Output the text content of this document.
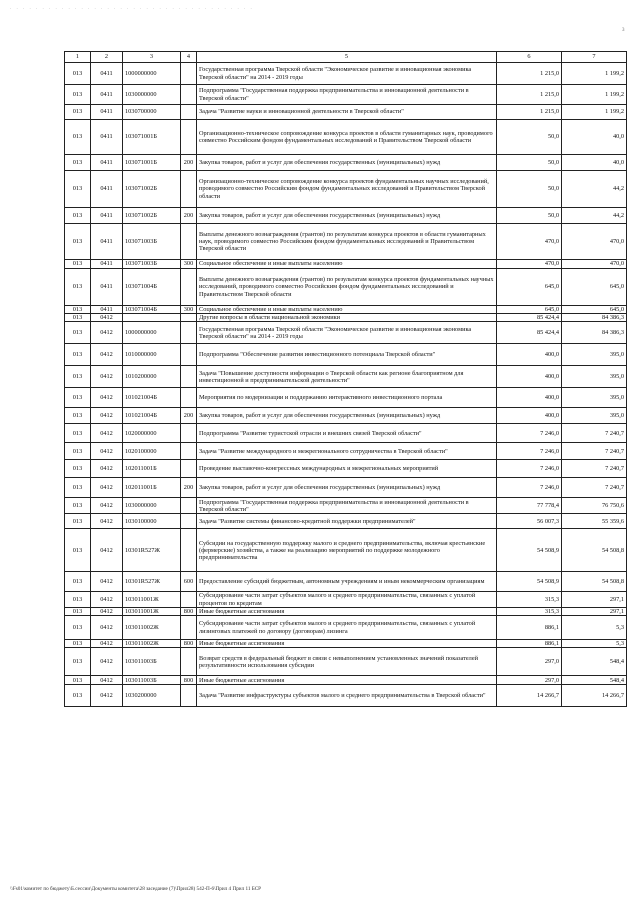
. . . . . . . . . . . . . . . . . . . . . . . . . . . . . . . . . . . . . .
3
1	2	3	4	5	6	7
013	0411	1000000000		Государственная программа Тверской области "Экономическое развитие и инновационная экономика Тверской области" на 2014 - 2019 годы	1 215,0	1 199,2
013	0411	1030000000		Подпрограмма "Государственная поддержка предпринимательства и инновационной деятельности в Тверской области"	1 215,0	1 199,2
013	0411	1030700000		Задача "Развитие науки и инновационной деятельности в Тверской области"	1 215,0	1 199,2
013	0411	103071001Б		Организационно-техническое сопровождение конкурса проектов в области гуманитарных наук, проводимого совместно Российским фондом фундаментальных исследований и Правительством Тверской области	50,0	40,0
013	0411	103071001Б	200	Закупка товаров, работ и услуг для обеспечения государственных (муниципальных) нужд	50,0	40,0
013	0411	103071002Б		Организационно-техническое сопровождение конкурса проектов фундаментальных научных исследований, проводимого совместно Российским фондом фундаментальных исследований и Правительством Тверской области	50,0	44,2
013	0411	103071002Б	200	Закупка товаров, работ и услуг для обеспечения государственных (муниципальных) нужд	50,0	44,2
013	0411	103071003Б		Выплаты денежного вознаграждения (грантов) по результатам конкурса проектов в области гуманитарных наук, проводимого совместно Российским фондом фундаментальных исследований и Правительством Тверской области	470,0	470,0
013	0411	103071003Б	300	Социальное обеспечение и иные выплаты населению	470,0	470,0
013	0411	103071004Б		Выплаты денежного вознаграждения (грантов) по результатам конкурса проектов фундаментальных научных исследований, проводимого совместно Российским фондом фундаментальных исследований и Правительством Тверской области	645,0	645,0
013	0411	103071004Б	300	Социальное обеспечение и иные выплаты населению	645,0	645,0
013	0412			Другие вопросы в области национальной экономики	85 424,4	84 386,3
013	0412	1000000000		Государственная программа Тверской области "Экономическое развитие и инновационная экономика Тверской области" на 2014 - 2019 годы	85 424,4	84 386,3
013	0412	1010000000		Подпрограмма "Обеспечение развития инвестиционного потенциала Тверской области"	400,0	395,0
013	0412	1010200000		Задача "Повышение доступности информации о Тверской области как регионе благоприятном для инвестиционной и предпринимательской деятельности"	400,0	395,0
013	0412	101021004Б		Мероприятия по модернизации и поддержанию интерактивного инвестиционного портала	400,0	395,0
013	0412	101021004Б	200	Закупка товаров, работ и услуг для обеспечения государственных (муниципальных) нужд	400,0	395,0
013	0412	1020000000		Подпрограмма "Развитие туристской отрасли и внешних связей Тверской области"	7 246,0	7 240,7
013	0412	1020100000		Задача "Развитие международного и межрегионального сотрудничества в Тверской области"	7 246,0	7 240,7
013	0412	102011001Б		Проведение выставочно-конгрессных международных и межрегиональных мероприятий	7 246,0	7 240,7
013	0412	102011001Б	200	Закупка товаров, работ и услуг для обеспечения государственных (муниципальных) нужд	7 246,0	7 240,7
013	0412	1030000000		Подпрограмма "Государственная поддержка предпринимательства и инновационной деятельности в Тверской области"	77 778,4	76 750,6
013	0412	1030100000		Задача "Развитие системы финансово-кредитной поддержки предпринимателей"	56 007,3	55 359,6
013	0412	10301R527Ж		Субсидии на государственную поддержку малого и среднего предпринимательства, включая крестьянские (фермерские) хозяйства, а также на реализацию мероприятий по поддержке молодежного предпринимательства	54 508,9	54 508,8
013	0412	10301R527Ж	600	Предоставление субсидий бюджетным, автономным учреждениям и иным некоммерческим организациям	54 508,9	54 508,8
013	0412	103011001Ж		Субсидирование части затрат субъектов малого и среднего предпринимательства, связанных с уплатой процентов по кредитам	315,3	297,1
013	0412	103011001Ж	800	Иные бюджетные ассигнования	315,3	297,1
013	0412	103011002Ж		Субсидирование части затрат субъектов малого и среднего предпринимательства, связанных с уплатой лизинговых платежей по договору (договорам) лизинга	886,1	5,3
013	0412	103011002Ж	800	Иные бюджетные ассигнования	886,1	5,3
013	0412	103011003Б		Возврат средств в федеральный бюджет в связи с невыполнением установленных значений показателей результативности использования субсидии	297,0	548,4
013	0412	103011003Б	800	Иные бюджетные ассигнования	297,0	548,4
013	0412	1030200000		Задача "Развитие инфраструктуры субъектов малого и среднего предпринимательства в Тверской области"	14 266,7	14 266,7
\\Fs01\комитет по бюджету\Б.сессии\Документы комитета\28 заседание (7)\Прил28) 542-П-6\Прил 4 Прил 11 БСР
